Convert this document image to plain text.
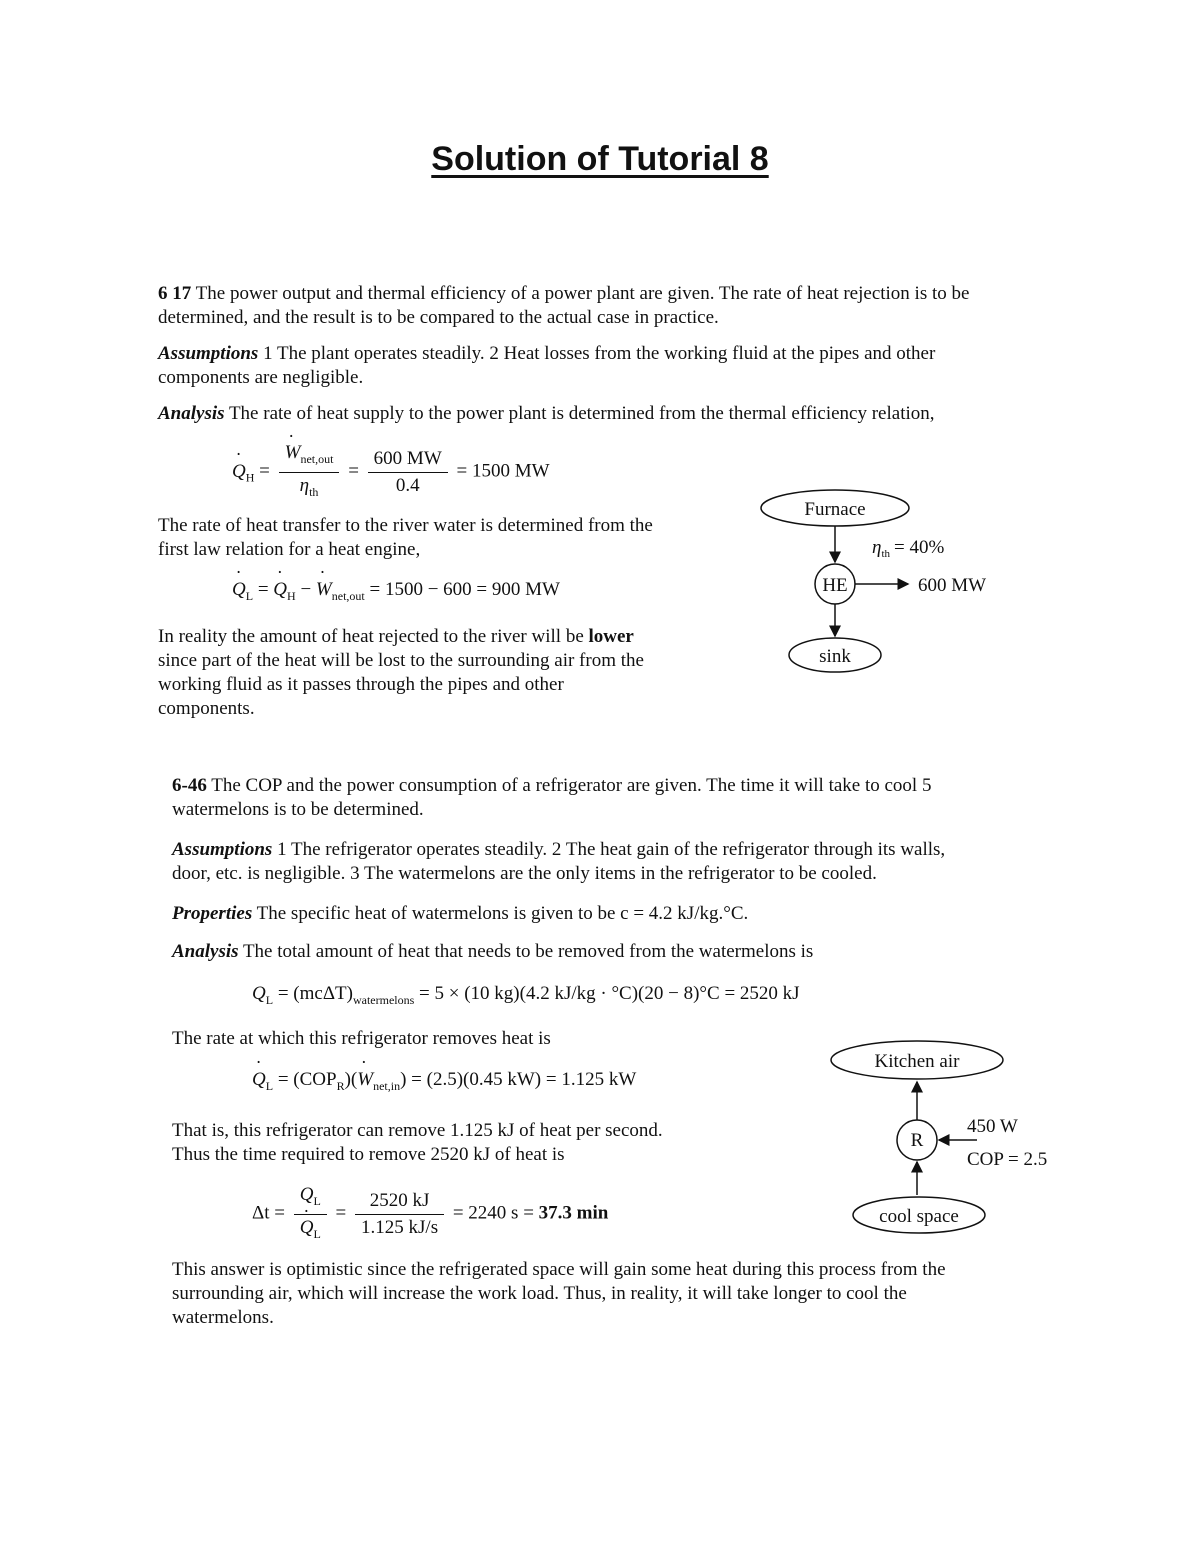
Solution of Tutorial 8
6 17 The power output and thermal efficiency of a power plant are given. The rate of heat rejection is to be
determined, and the result is to be compared to the actual case in practice.
Assumptions 1 The plant operates steadily. 2 Heat losses from the working fluid at the pipes and other
components are negligible.
Analysis The rate of heat supply to the power plant is determined from the thermal efficiency relation,
˙ $Q_H$ =
˙ $\frac{W_{net,out}}{\eta_{th}} = \frac{600 MW}{0.4} = 1500$ MW
The rate of heat transfer to the river water is determined from the
first law relation for a heat engine,
˙ $Q_L$ = ˙ $Q_H$ − ˙ $W_{net,out} = 1500 - 600 = 900$ MW
In reality the amount of heat rejected to the river will be lower
since part of the heat will be lost to the surrounding air from the
working fluid as it passes through the pipes and other
components.
Furnace
HE	600 MW
$\eta_{th} = 40\%$
sink
6-46 The COP and the power consumption of a refrigerator are given. The time it will take to cool 5
watermelons is to be determined.
Assumptions 1 The refrigerator operates steadily. 2 The heat gain of the refrigerator through its walls,
door, etc. is negligible. 3 The watermelons are the only items in the refrigerator to be cooled.
Properties The specific heat of watermelons is given to be c = 4.2 kJ/kg.°C.
Analysis The total amount of heat that needs to be removed from the watermelons is
$Q_L = (mc\Delta T)_{watermelons} = 5 \times (10$ kg)(4.2 kJ/kg · °C)(20 − 8)°C = 2520 kJ
The rate at which this refrigerator removes heat is
˙ $Q_L$ = $(COP_R)(˙$ $W_{net,in}) = (2.5)(0.45$ kW) = 1.125 kW
That is, this refrigerator can remove 1.125 kJ of heat per second.
Thus the time required to remove 2520 kJ of heat is
$\Delta t = Q_L$
˙ $Q_L = \frac{2520 kJ}{1.125 kJ/s} = 2240$ s = 37.3 min
This answer is optimistic since the refrigerated space will gain some heat during this process from the
surrounding air, which will increase the work load. Thus, in reality, it will take longer to cool the
watermelons.
Kitchen air
R
450 W
COP = 2.5
cool space
